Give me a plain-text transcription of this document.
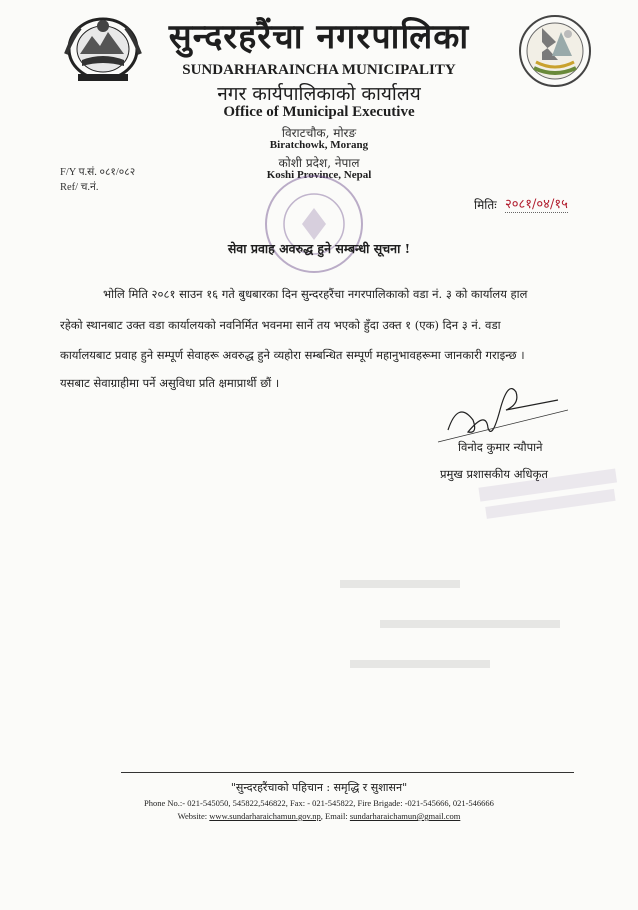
सुन्दरहरैंचा नगरपालिका
SUNDARHARAINCHA MUNICIPALITY
नगर कार्यपालिकाको कार्यालय
Office of Municipal Executive
विराटचौक, मोरङ
Biratchowk, Morang
कोशी प्रदेश, नेपाल
Koshi Province, Nepal
F/Y प.सं. ०८१/०८२
Ref/ च.नं.
मितिः २०८१/०४/१५
सेवा प्रवाह अवरुद्ध हुने सम्बन्धी सूचना !
भोलि मिति २०८१ साउन १६ गते बुधबारका दिन सुन्दरहरैंचा नगरपालिकाको वडा नं. ३ को कार्यालय हाल
रहेको स्थानबाट उक्त वडा कार्यालयको नवनिर्मित भवनमा सार्ने तय भएको हुँदा उक्त १ (एक) दिन ३ नं. वडा
कार्यालयबाट प्रवाह हुने सम्पूर्ण सेवाहरू अवरुद्ध हुने व्यहोरा सम्बन्धित सम्पूर्ण महानुभावहरूमा जानकारी गराइन्छ ।
यसबाट सेवाग्राहीमा पर्ने असुविधा प्रति क्षमाप्रार्थी छौं ।
विनोद कुमार न्यौपाने
प्रमुख प्रशासकीय अधिकृत
"सुन्दरहरैंचाको पहिचान : समृद्धि र सुशासन"
Phone No.:- 021-545050, 545822,546822, Fax: - 021-545822, Fire Brigade: -021-545666, 021-546666
Website: www.sundarharaichamun.gov.np, Email: sundarharaichamun@gmail.com
